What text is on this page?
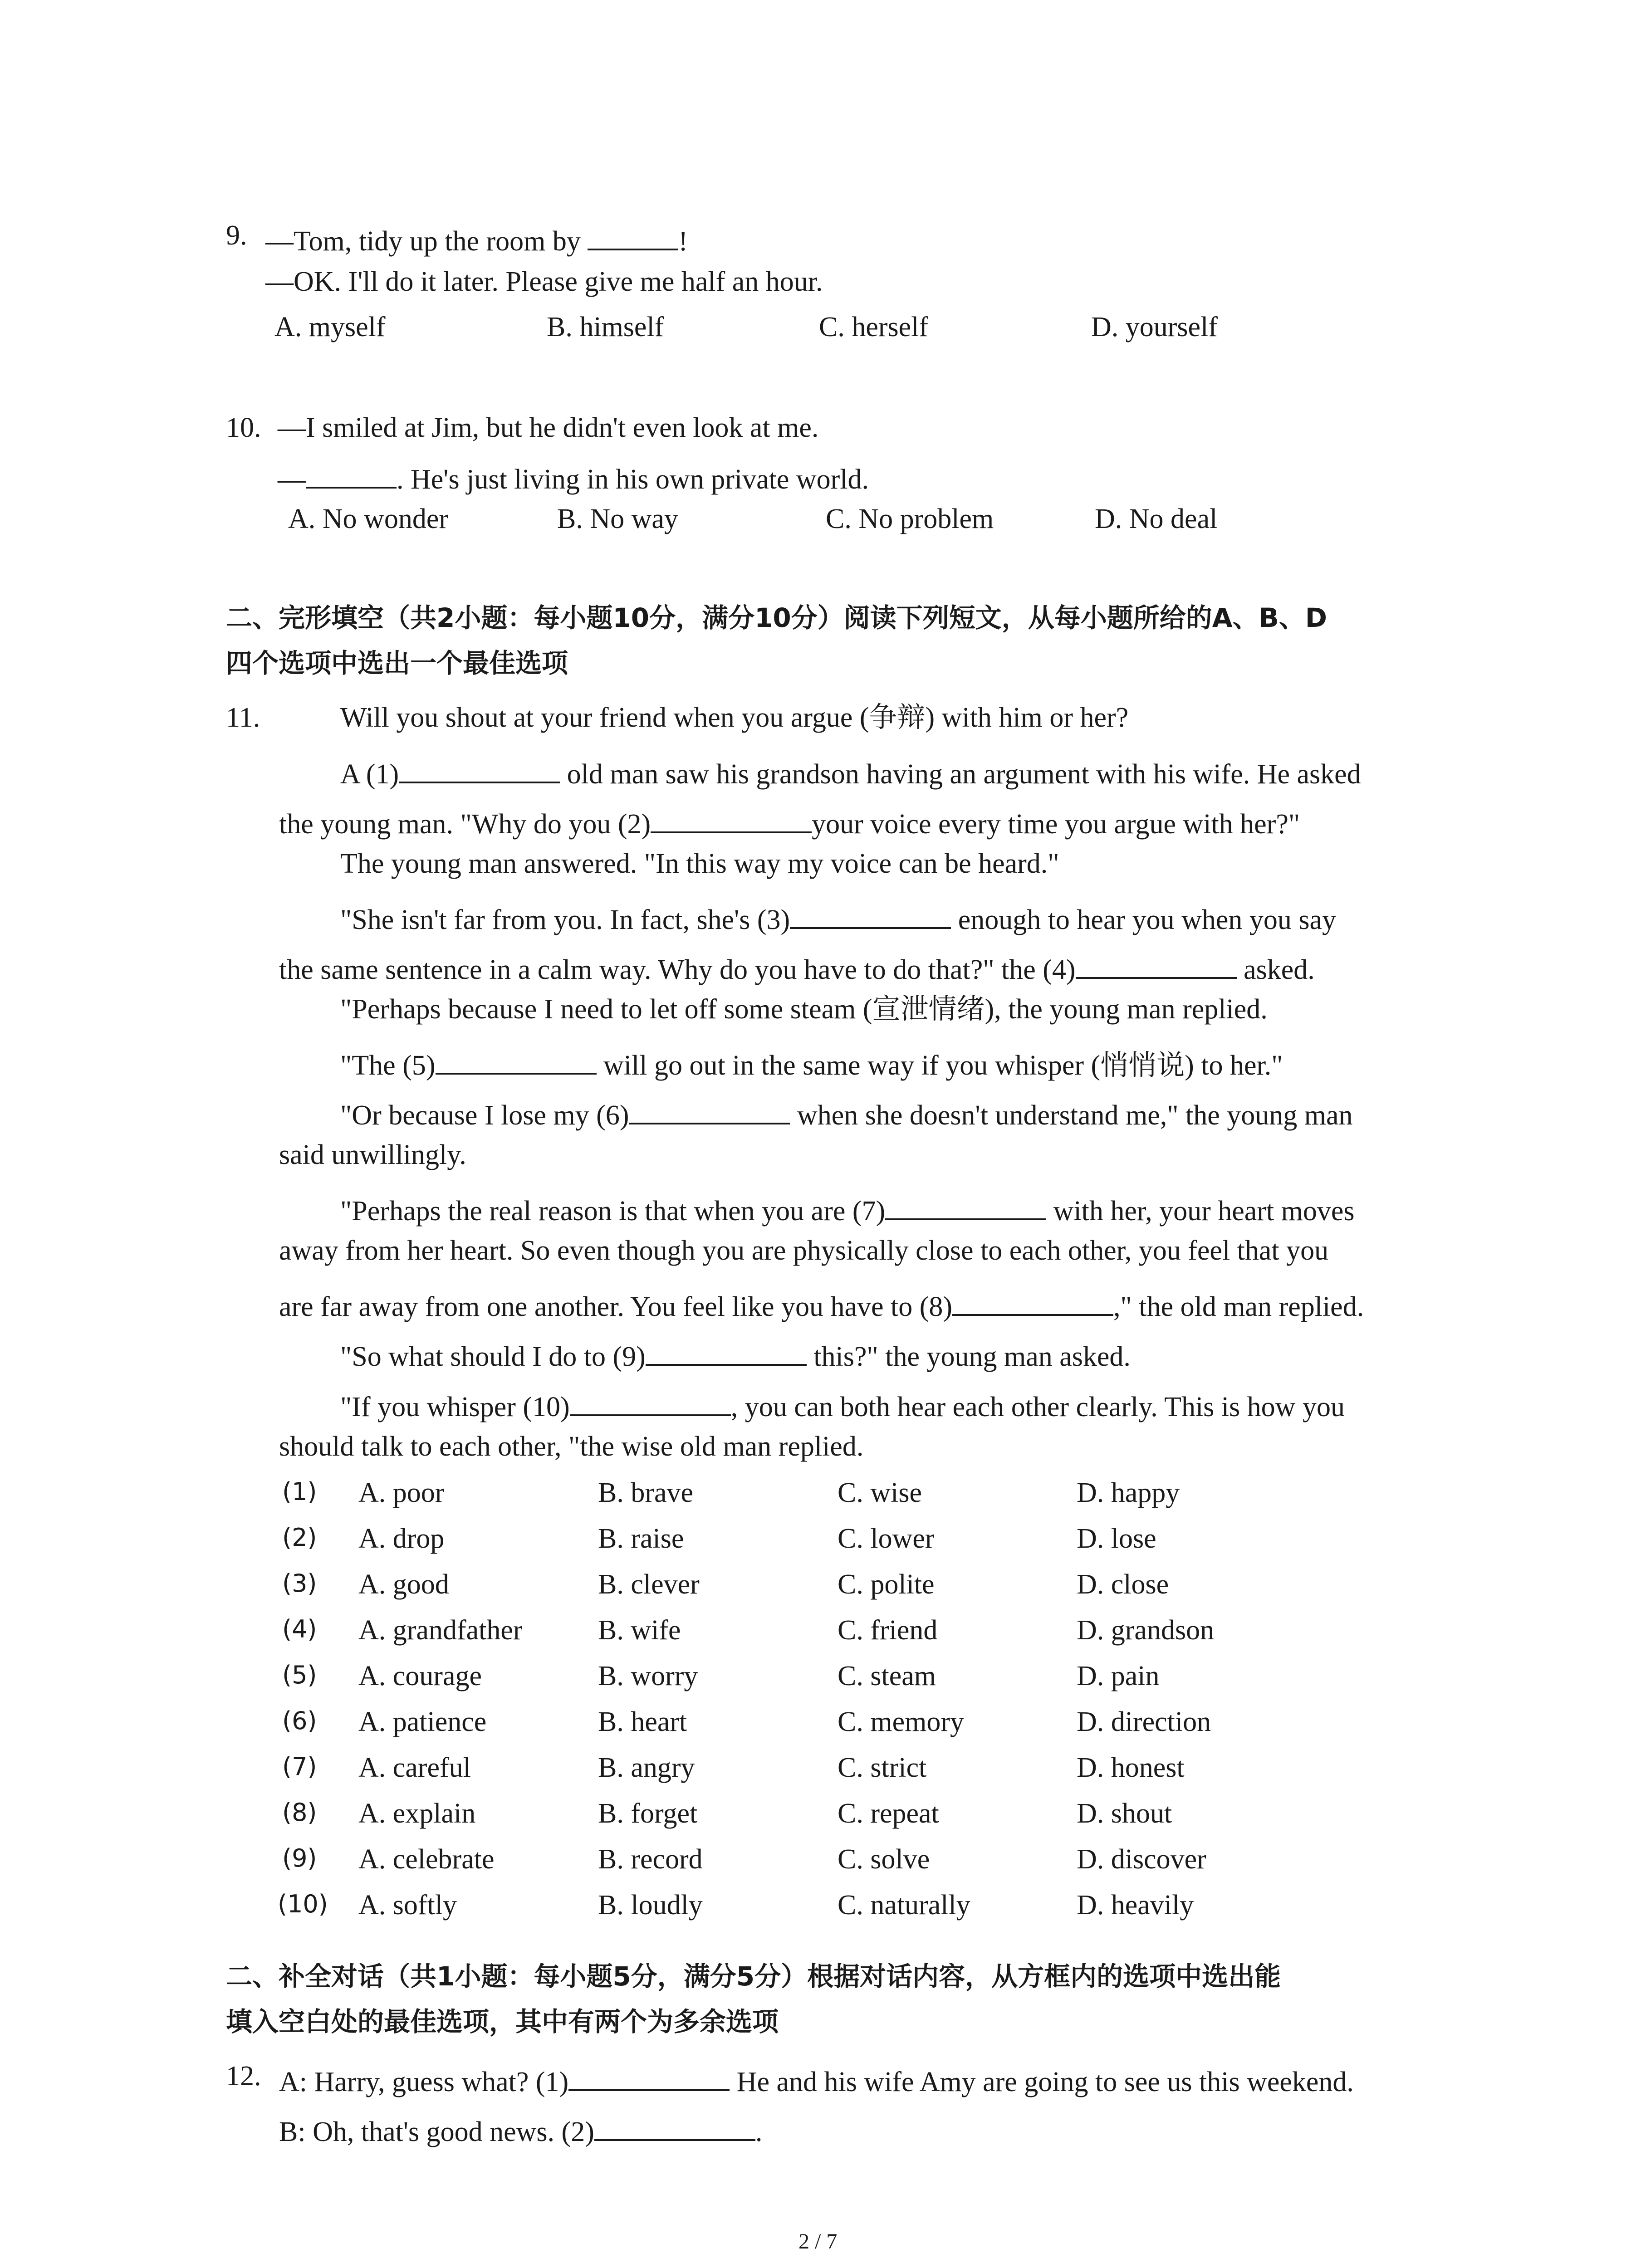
9. —Tom, tidy up the room by	!
—OK. I'll do it later. Please give me half an hour.
A. myself	B. himself	C. herself	D. yourself
10. —I smiled at Jim, but he didn't even look at me.
—	. He's just living in his own private world.
A. No wonder	B. No way	C. No problem	D. No deal
二、完形填空（共2小题：每小题10分，满分10分）阅读下列短文，从每小题所给的A、B、D
四个选项中选出一个最佳选项
11.	Will you shout at your friend when you argue (争辩) with him or her?
A (1)	old man saw his grandson having an argument with his wife. He asked
the young man. "Why do you (2)	your voice every time you argue with her?"
The young man answered. "In this way my voice can be heard."
"She isn't far from you. In fact, she's (3)	enough to hear you when you say
the same sentence in a calm way. Why do you have to do that?" the (4)	asked.
"Perhaps because I need to let off some steam (宣泄情绪), the young man replied.
"The (5)	will go out in the same way if you whisper (悄悄说) to her."
"Or because I lose my (6)	when she doesn't understand me," the young man
said unwillingly.
"Perhaps the real reason is that when you are (7)	with her, your heart moves
away from her heart. So even though you are physically close to each other, you feel that you
are far away from one another. You feel like you have to (8)	," the old man replied.
"So what should I do to (9)	this?" the young man asked.
"If you whisper (10)	, you can both hear each other clearly. This is how you
should talk to each other, "the wise old man replied.
(1) A. poor	B. brave	C. wise	D. happy
(2) A. drop	B. raise	C. lower	D. lose
(3) A. good	B. clever	C. polite	D. close
(4) A. grandfather	B. wife	C. friend	D. grandson
(5) A. courage	B. worry	C. steam	D. pain
(6) A. patience	B. heart	C. memory	D. direction
(7) A. careful	B. angry	C. strict	D. honest
(8) A. explain	B. forget	C. repeat	D. shout
(9) A. celebrate	B. record	C. solve	D. discover
(10) A. softly	B. loudly	C. naturally	D. heavily
二、补全对话（共1小题：每小题5分，满分5分）根据对话内容，从方框内的选项中选出能
填入空白处的最佳选项，其中有两个为多余选项
12. A: Harry, guess what? (1)	He and his wife Amy are going to see us this weekend.
B: Oh, that's good news. (2)	.
2 / 7
